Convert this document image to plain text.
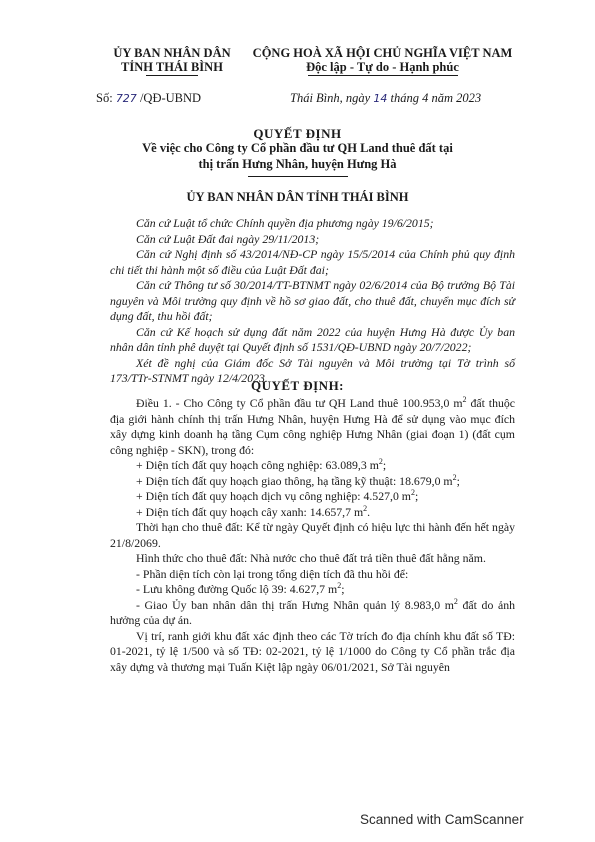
ỦY BAN NHÂN DÂN
TỈNH THÁI BÌNH
CỘNG HOÀ XÃ HỘI CHỦ NGHĨA VIỆT NAM
Độc lập - Tự do - Hạnh phúc
Số: 727 /QĐ-UBND	Thái Bình, ngày 14 tháng 4 năm 2023
QUYẾT ĐỊNH
Về việc cho Công ty Cổ phần đầu tư QH Land thuê đất tại
thị trấn Hưng Nhân, huyện Hưng Hà
ỦY BAN NHÂN DÂN TỈNH THÁI BÌNH

Căn cứ Luật tổ chức Chính quyền địa phương ngày 19/6/2015;

Căn cứ Luật Đất đai ngày 29/11/2013;

Căn cứ Nghị định số 43/2014/NĐ-CP ngày 15/5/2014 của Chính phủ quy định chi tiết thi hành một số điều của Luật Đất đai;

Căn cứ Thông tư số 30/2014/TT-BTNMT ngày 02/6/2014 của Bộ trưởng Bộ Tài nguyên và Môi trường quy định về hồ sơ giao đất, cho thuê đất, chuyển mục đích sử dụng đất, thu hồi đất;

Căn cứ Kế hoạch sử dụng đất năm 2022 của huyện Hưng Hà được Ủy ban nhân dân tỉnh phê duyệt tại Quyết định số 1531/QĐ-UBND ngày 20/7/2022;

Xét đề nghị của Giám đốc Sở Tài nguyên và Môi trường tại Tờ trình số 173/TTr-STNMT ngày 12/4/2023.

QUYẾT ĐỊNH:

Điều 1. - Cho Công ty Cổ phần đầu tư QH Land thuê 100.953,0 $m^2$ đất thuộc địa giới hành chính thị trấn Hưng Nhân, huyện Hưng Hà để sử dụng vào mục đích xây dựng kinh doanh hạ tầng Cụm công nghiệp Hưng Nhân (giai đoạn 1) (đất cụm công nghiệp - SKN), trong đó:

+ Diện tích đất quy hoạch công nghiệp: 63.089,3 $m^2$;

+ Diện tích đất quy hoạch giao thông, hạ tầng kỹ thuật: 18.679,0 $m^2$;

+ Diện tích đất quy hoạch dịch vụ công nghiệp: 4.527,0 $m^2$;

+ Diện tích đất quy hoạch cây xanh: 14.657,7 $m^2$.

Thời hạn cho thuê đất: Kể từ ngày Quyết định có hiệu lực thi hành đến hết ngày 21/8/2069.

Hình thức cho thuê đất: Nhà nước cho thuê đất trả tiền thuê đất hằng năm.

- Phần diện tích còn lại trong tổng diện tích đã thu hồi để:

- Lưu không đường Quốc lộ 39: 4.627,7 $m^2$;

- Giao Ủy ban nhân dân thị trấn Hưng Nhân quản lý 8.983,0 $m^2$ đất do ảnh hưởng của dự án.

Vị trí, ranh giới khu đất xác định theo các Tờ trích đo địa chính khu đất số TĐ: 01-2021, tỷ lệ 1/500 và số TĐ: 02-2021, tỷ lệ 1/1000 do Công ty Cổ phần trắc địa xây dựng và thương mại Tuấn Kiệt lập ngày 06/01/2021, Sở Tài nguyên

Scanned with CamScanner
